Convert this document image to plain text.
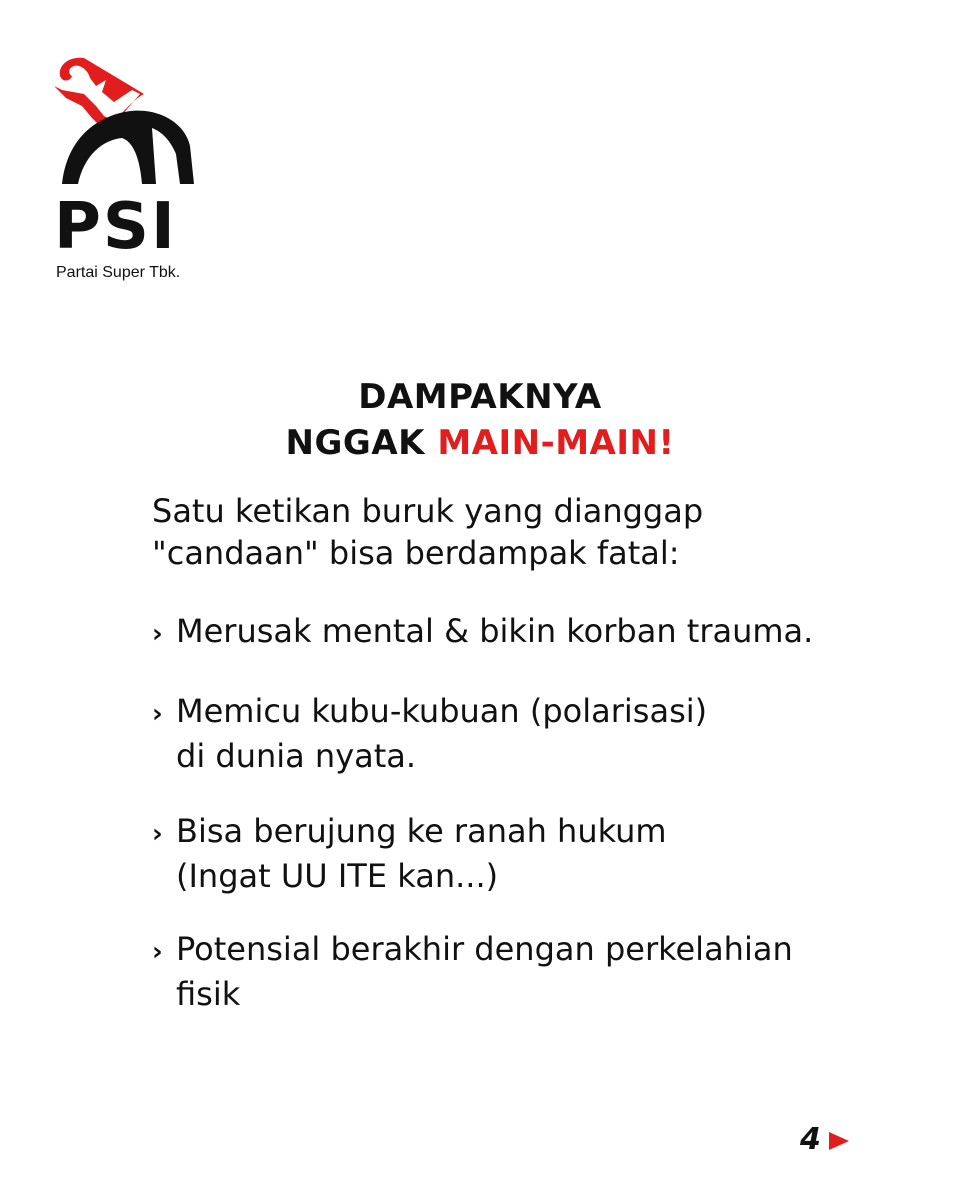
PSI
Partai Super Tbk.
DAMPAKNYA
NGGAK MAIN-MAIN!
Satu ketikan buruk yang dianggap
"candaan" bisa berdampak fatal:
› Merusak mental & bikin korban trauma.
› Memicu kubu-kubuan (polarisasi)
di dunia nyata.
› Bisa berujung ke ranah hukum
(Ingat UU ITE kan...)
› Potensial berakhir dengan perkelahian
fisik
4
